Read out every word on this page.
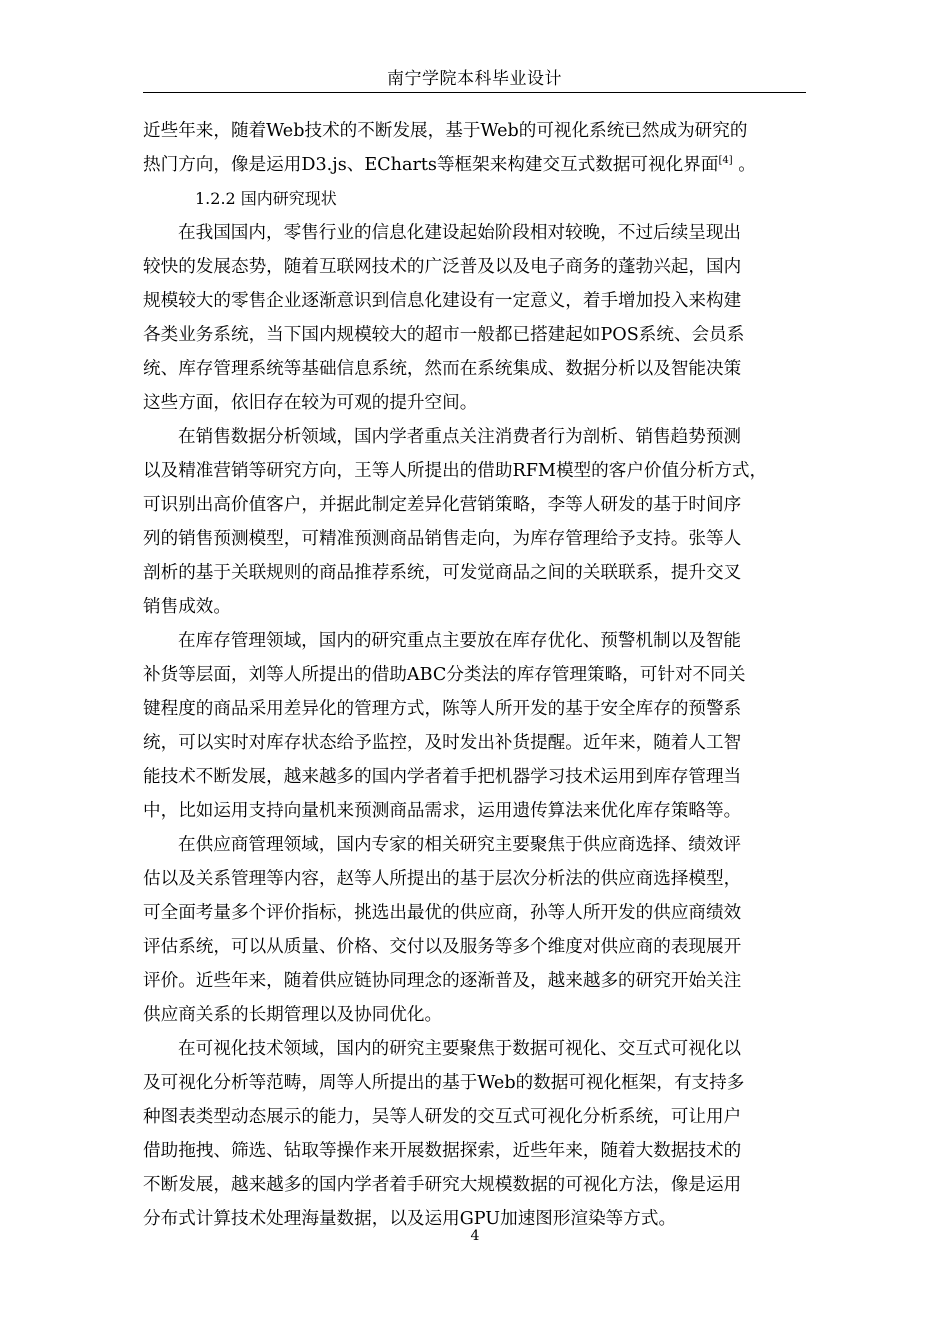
南宁学院本科毕业设计
近些年来，随着Web技术的不断发展，基于Web的可视化系统已然成为研究的
热门方向，像是运用D3.js、ECharts等框架来构建交互式数据可视化界面[4] 。
1.2.2 国内研究现状
在我国国内，零售行业的信息化建设起始阶段相对较晚，不过后续呈现出
较快的发展态势，随着互联网技术的广泛普及以及电子商务的蓬勃兴起，国内
规模较大的零售企业逐渐意识到信息化建设有一定意义，着手增加投入来构建
各类业务系统，当下国内规模较大的超市一般都已搭建起如POS系统、会员系
统、库存管理系统等基础信息系统，然而在系统集成、数据分析以及智能决策
这些方面，依旧存在较为可观的提升空间。
在销售数据分析领域，国内学者重点关注消费者行为剖析、销售趋势预测
以及精准营销等研究方向，王等人所提出的借助RFM模型的客户价值分析方式，
可识别出高价值客户，并据此制定差异化营销策略，李等人研发的基于时间序
列的销售预测模型，可精准预测商品销售走向，为库存管理给予支持。张等人
剖析的基于关联规则的商品推荐系统，可发觉商品之间的关联联系，提升交叉
销售成效。
在库存管理领域，国内的研究重点主要放在库存优化、预警机制以及智能
补货等层面，刘等人所提出的借助ABC分类法的库存管理策略，可针对不同关
键程度的商品采用差异化的管理方式，陈等人所开发的基于安全库存的预警系
统，可以实时对库存状态给予监控，及时发出补货提醒。近年来，随着人工智
能技术不断发展，越来越多的国内学者着手把机器学习技术运用到库存管理当
中，比如运用支持向量机来预测商品需求，运用遗传算法来优化库存策略等。
在供应商管理领域，国内专家的相关研究主要聚焦于供应商选择、绩效评
估以及关系管理等内容，赵等人所提出的基于层次分析法的供应商选择模型，
可全面考量多个评价指标，挑选出最优的供应商，孙等人所开发的供应商绩效
评估系统，可以从质量、价格、交付以及服务等多个维度对供应商的表现展开
评价。近些年来，随着供应链协同理念的逐渐普及，越来越多的研究开始关注
供应商关系的长期管理以及协同优化。
在可视化技术领域，国内的研究主要聚焦于数据可视化、交互式可视化以
及可视化分析等范畴，周等人所提出的基于Web的数据可视化框架，有支持多
种图表类型动态展示的能力，吴等人研发的交互式可视化分析系统，可让用户
借助拖拽、筛选、钻取等操作来开展数据探索，近些年来，随着大数据技术的
不断发展，越来越多的国内学者着手研究大规模数据的可视化方法，像是运用
分布式计算技术处理海量数据，以及运用GPU加速图形渲染等方式。
4
